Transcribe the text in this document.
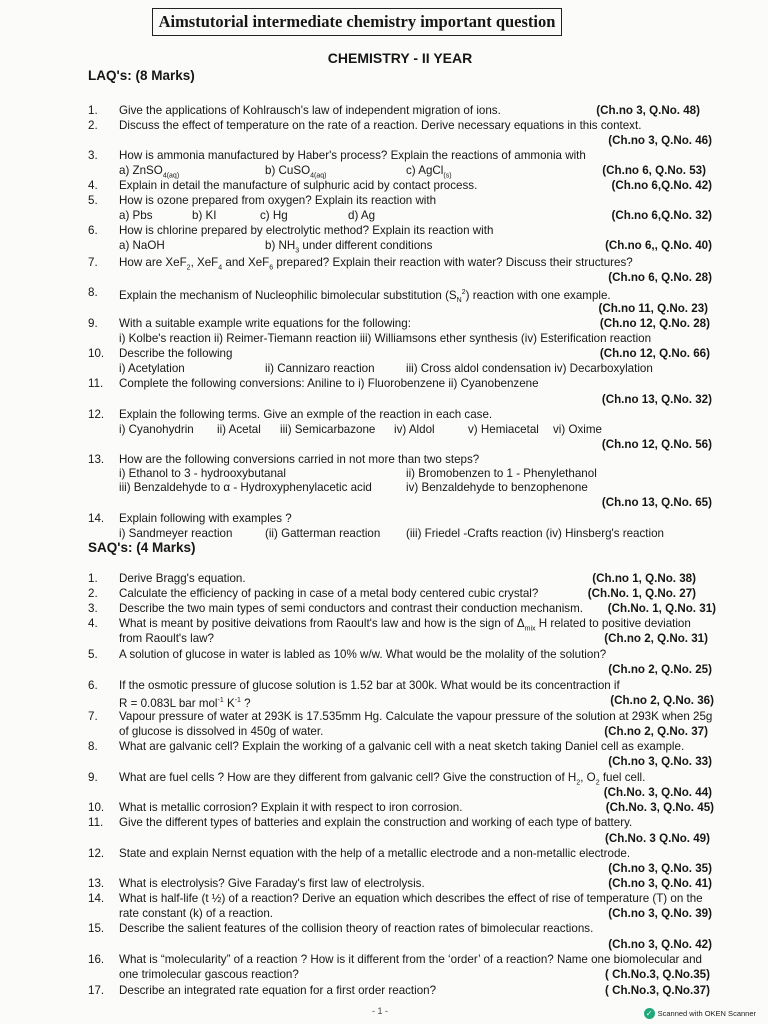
Aimstutorial intermediate chemistry important question
CHEMISTRY - II YEAR
LAQ's: (8 Marks)
1. Give the applications of Kohlrausch's law of independent migration of ions.	(Ch.no 3, Q.No. 48)
2. Discuss the effect of temperature on the rate of a reaction. Derive necessary equations in this context.
(Ch.no 3, Q.No. 46)
3. How is ammonia manufactured by Haber's process? Explain the reactions of ammonia with
a) ZnSO$_{4(aq)}$	b) CuSO$_{4(aq)}$	c) AgCl$_{(s)}$	(Ch.no 6, Q.No. 53)
4. Explain in detail the manufacture of sulphuric acid by contact process.	(Ch.no 6,Q.No. 42)
5. How is ozone prepared from oxygen? Explain its reaction with
a) Pbs	b) KI	c) Hg	d) Ag	(Ch.no 6,Q.No. 32)
6. How is chlorine prepared by electrolytic method? Explain its reaction with
a) NaOH	b) $NH_3$ under different conditions	(Ch.no 6,, Q.No. 40)
7. How are XeF$_2$, XeF$_4$ and XeF$_6$ prepared? Explain their reaction with water? Discuss their structures?
(Ch.no 6, Q.No. 28)
8. Explain the mechanism of Nucleophilic bimolecular substitution $(S_N^2)$ reaction with one example.
(Ch.no 11, Q.No. 23)
9. With a suitable example write equations for the following:	(Ch.no 12, Q.No. 28)
i) Kolbe's reaction ii) Reimer-Tiemann reaction iii) Williamsons ether synthesis (iv) Esterification reaction
10. Describe the following	(Ch.no 12, Q.No. 66)
i) Acetylation	ii) Cannizaro reaction	iii) Cross aldol condensation iv) Decarboxylation
11. Complete the following conversions: Aniline to i) Fluorobenzene ii) Cyanobenzene
(Ch.no 13, Q.No. 32)
12. Explain the following terms. Give an exmple of the reaction in each case.
i) Cyanohydrin ii) Acetal iii) Semicarbazone iv) Aldol	v) Hemiacetal vi) Oxime
(Ch.no 12, Q.No. 56)
13. How are the following conversions carried in not more than two steps?
i) Ethanol to 3 - hydrooxybutanal	ii) Bromobenzen to 1 - Phenylethanol
iii) Benzaldehyde to α - Hydroxyphenylacetic acid	iv) Benzaldehyde to benzophenone
(Ch.no 13, Q.No. 65)
14. Explain following with examples ?
i) Sandmeyer reaction	(ii) Gatterman reaction (iii) Friedel -Crafts reaction (iv) Hinsberg's reaction
SAQ's: (4 Marks)
1. Derive Bragg's equation.	(Ch.no 1, Q.No. 38)
2. Calculate the efficiency of packing in case of a metal body centered cubic crystal?	(Ch.No. 1, Q.No. 27)
3. Describe the two main types of semi conductors and contrast their conduction mechanism. (Ch.No. 1, Q.No. 31)
4. What is meant by positive deivations from Raoult's law and how is the sign of $\Delta_{mix}$ H related to positive deviation
from Raoult's law?	(Ch.no 2, Q.No. 31)
5. A solution of glucose in water is labled as 10% w/w. What would be the molality of the solution?
(Ch.no 2, Q.No. 25)
6. If the osmotic pressure of glucose solution is 1.52 bar at 300k. What would be its concentraction if
R = 0.083L bar mol$^{-1}$ $K^{-1}$ ?	(Ch.no 2, Q.No. 36)
7. Vapour pressure of water at 293K is 17.535mm Hg. Calculate the vapour pressure of the solution at 293K when 25g
of glucose is dissolved in 450g of water.	(Ch.no 2, Q.No. 37)
8. What are galvanic cell? Explain the working of a galvanic cell with a neat sketch taking Daniel cell as example.
(Ch.no 3, Q.No. 33)
9. What are fuel cells ? How are they different from galvanic cell? Give the construction of $H_2$, $O_2$ fuel cell.
(Ch.No. 3, Q.No. 44)
10. What is metallic corrosion? Explain it with respect to iron corrosion.	(Ch.No. 3, Q.No. 45)
11. Give the different types of batteries and explain the construction and working of each type of battery.
(Ch.No. 3 Q.No. 49)
12. State and explain Nernst equation with the help of a metallic electrode and a non-metallic electrode.
(Ch.no 3, Q.No. 35)
13. What is electrolysis? Give Faraday's first law of electrolysis.	(Ch.no 3, Q.No. 41)
14. What is half-life (t ½) of a reaction? Derive an equation which describes the effect of rise of temperature (T) on the
rate constant (k) of a reaction.	(Ch.no 3, Q.No. 39)
15. Describe the salient features of the collision theory of reaction rates of bimolecular reactions.
(Ch.no 3, Q.No. 42)
16. What is “molecularity” of a reaction ? How is it different from the ‘order’ of a reaction? Name one biomolecular and
one trimolecular gascous reaction?	( Ch.No.3, Q.No.35)
17. Describe an integrated rate equation for a first order reaction?	( Ch.No.3, Q.No.37)
- 1 -	✓ Scanned with OKEN Scanner
